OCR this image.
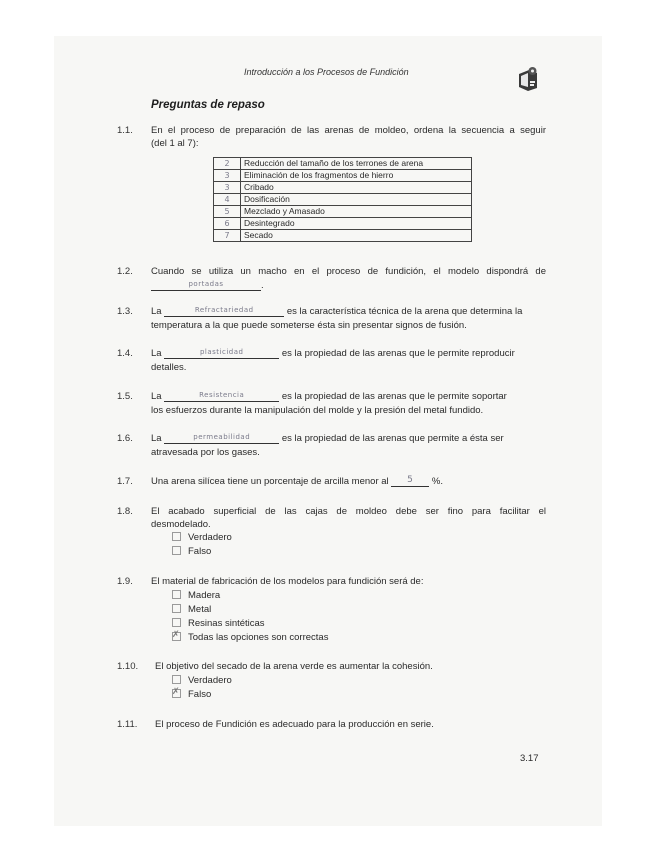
Introducción a los Procesos de Fundición
Preguntas de repaso
1.1. En el proceso de preparación de las arenas de moldeo, ordena la secuencia a seguir
(del 1 al 7):
2	Reducción del tamaño de los terrones de arena
3	Eliminación de los fragmentos de hierro
3	Cribado
4	Dosificación
5	Mezclado y Amasado
6	Desintegrado
7	Secado
1.2. Cuando se utiliza un macho en el proceso de fundición, el modelo dispondrá de
$^{portadas}$	.
1.3. La	$^{Refractariedad}$	es la característica técnica de la arena que determina la
temperatura a la que puede someterse ésta sin presentar signos de fusión.
1.4. La	$^{plasticidad}$	es la propiedad de las arenas que le permite reproducir
detalles.
1.5. La	$^{Resistencia}$	es la propiedad de las arenas que le permite soportar
los esfuerzos durante la manipulación del molde y la presión del metal fundido.
1.6. La	$^{permeabilidad}$	es la propiedad de las arenas que permite a ésta ser
atravesada por los gases.
1.7. Una arena silícea tiene un porcentaje de arcilla menor al 5 %.
1.8. El acabado superficial de las cajas de moldeo debe ser fino para facilitar el
desmodelado.
Verdadero
Falso
1.9. El material de fabricación de los modelos para fundición será de:
Madera
Metal
Resinas sintéticas
✗ Todas las opciones son correctas
1.10. El objetivo del secado de la arena verde es aumentar la cohesión.
Verdadero
✗ Falso
1.11. El proceso de Fundición es adecuado para la producción en serie.
3.17
